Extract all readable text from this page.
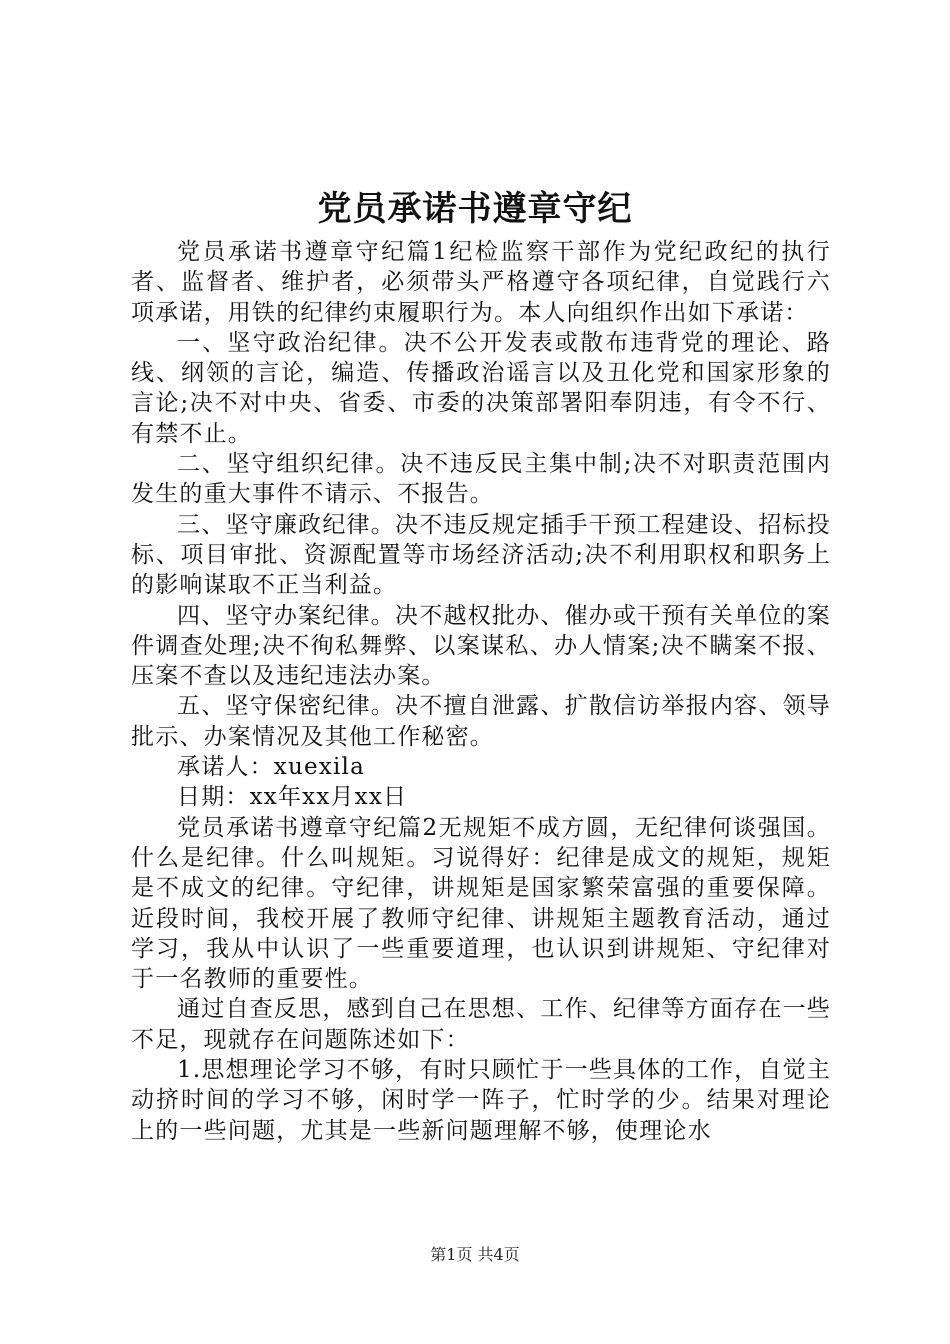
党员承诺书遵章守纪

党员承诺书遵章守纪篇1纪检监察干部作为党纪政纪的执行者、监督者、维护者，必须带头严格遵守各项纪律，自觉践行六项承诺，用铁的纪律约束履职行为。本人向组织作出如下承诺：

一、坚守政治纪律。决不公开发表或散布违背党的理论、路线、纲领的言论，编造、传播政治谣言以及丑化党和国家形象的言论;决不对中央、省委、市委的决策部署阳奉阴违，有令不行、有禁不止。

二、坚守组织纪律。决不违反民主集中制;决不对职责范围内发生的重大事件不请示、不报告。

三、坚守廉政纪律。决不违反规定插手干预工程建设、招标投标、项目审批、资源配置等市场经济活动;决不利用职权和职务上的影响谋取不正当利益。

四、坚守办案纪律。决不越权批办、催办或干预有关单位的案件调查处理;决不徇私舞弊、以案谋私、办人情案;决不瞒案不报、压案不查以及违纪违法办案。

五、坚守保密纪律。决不擅自泄露、扩散信访举报内容、领导批示、办案情况及其他工作秘密。

承诺人：xuexila

日期：xx年xx月xx日

党员承诺书遵章守纪篇2无规矩不成方圆，无纪律何谈强国。什么是纪律。什么叫规矩。习说得好：纪律是成文的规矩，规矩是不成文的纪律。守纪律，讲规矩是国家繁荣富强的重要保障。近段时间，我校开展了教师守纪律、讲规矩主题教育活动，通过学习，我从中认识了一些重要道理，也认识到讲规矩、守纪律对于一名教师的重要性。

通过自查反思，感到自己在思想、工作、纪律等方面存在一些不足，现就存在问题陈述如下：

1.思想理论学习不够，有时只顾忙于一些具体的工作，自觉主动挤时间的学习不够，闲时学一阵子，忙时学的少。结果对理论上的一些问题，尤其是一些新问题理解不够，使理论水

第1页 共4页
